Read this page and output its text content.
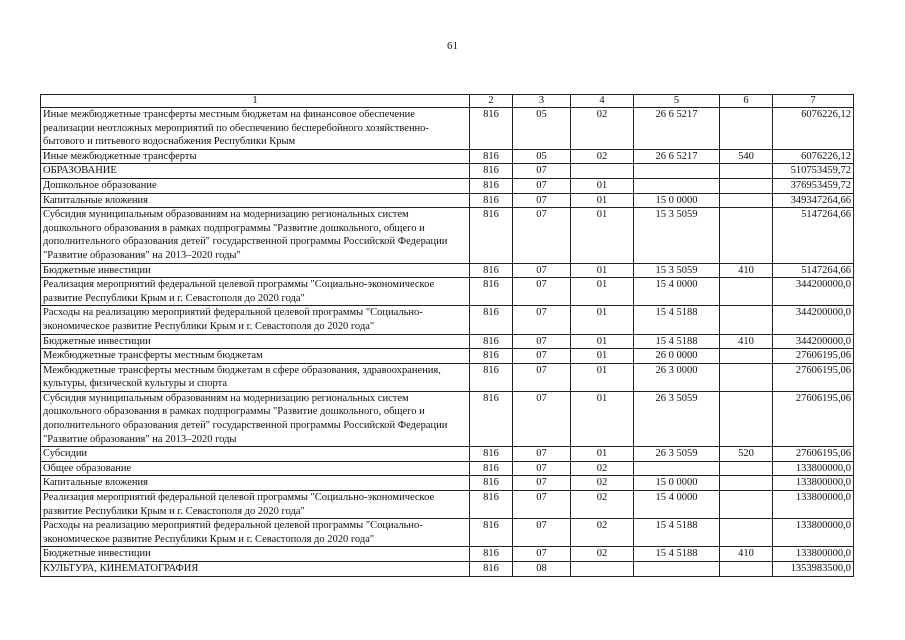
61
1	2	3	4	5	6	7
Иные межбюджетные трансферты местным бюджетам на финансовое обеспечение реализации неотложных мероприятий по обеспечению бесперебойного хозяйственно-бытового и питьевого водоснабжения Республики Крым	816	05	02	26 6 5217		6076226,12
Иные межбюджетные трансферты	816	05	02	26 6 5217	540	6076226,12
ОБРАЗОВАНИЕ	816	07				510753459,72
Дошкольное образование	816	07	01			376953459,72
Капитальные вложения	816	07	01	15 0 0000		349347264,66
Субсидия муниципальным образованиям на модернизацию региональных систем дошкольного образования в рамках подпрограммы "Развитие дошкольного, общего и дополнительного образования детей" государственной программы Российской Федерации "Развитие образования" на 2013–2020 годы"	816	07	01	15 3 5059		5147264,66
Бюджетные инвестиции	816	07	01	15 3 5059	410	5147264,66
Реализация мероприятий федеральной целевой программы "Социально-экономическое развитие Республики Крым и г. Севастополя до 2020 года"	816	07	01	15 4 0000		344200000,0
Расходы на реализацию мероприятий федеральной целевой программы "Социально-экономическое развитие Республики Крым и г. Севастополя до 2020 года"	816	07	01	15 4 5188		344200000,0
Бюджетные инвестиции	816	07	01	15 4 5188	410	344200000,0
Межбюджетные трансферты местным бюджетам	816	07	01	26 0 0000		27606195,06
Межбюджетные трансферты местным бюджетам в сфере образования, здравоохранения, культуры, физической культуры и спорта	816	07	01	26 3 0000		27606195,06
Субсидия муниципальным образованиям на модернизацию региональных систем дошкольного образования в рамках подпрограммы "Развитие дошкольного, общего и дополнительного образования детей" государственной программы Российской Федерации "Развитие образования" на 2013–2020 годы	816	07	01	26 3 5059		27606195,06
Субсидии	816	07	01	26 3 5059	520	27606195,06
Общее образование	816	07	02			133800000,0
Капитальные вложения	816	07	02	15 0 0000		133800000,0
Реализация мероприятий федеральной целевой программы "Социально-экономическое развитие Республики Крым и г. Севастополя до 2020 года"	816	07	02	15 4 0000		133800000,0
Расходы на реализацию мероприятий федеральной целевой программы "Социально-экономическое развитие Республики Крым и г. Севастополя до 2020 года"	816	07	02	15 4 5188		133800000,0
Бюджетные инвестиции	816	07	02	15 4 5188	410	133800000,0
КУЛЬТУРА, КИНЕМАТОГРАФИЯ	816	08				1353983500,0
